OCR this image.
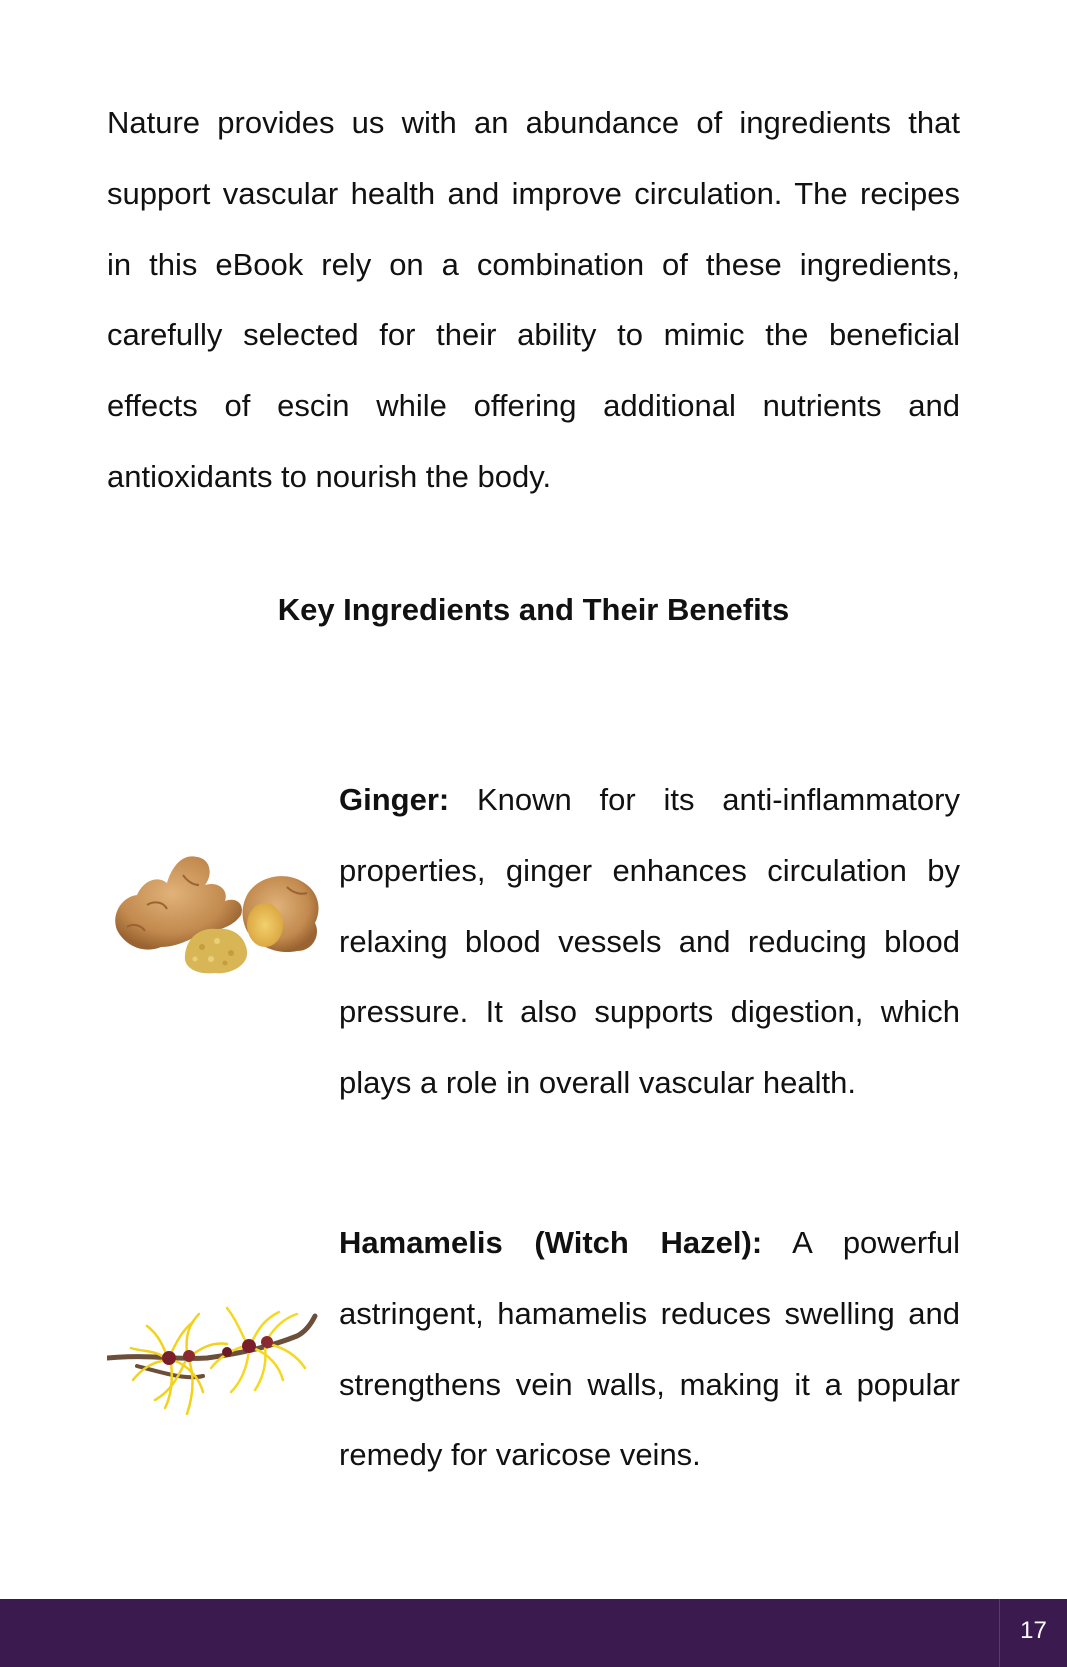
Nature provides us with an abundance of ingredients that support vascular health and improve circulation. The recipes in this eBook rely on a combination of these ingredients, carefully selected for their ability to mimic the beneficial effects of escin while offering additional nutrients and antioxidants to nourish the body.

Key Ingredients and Their Benefits

Ginger: Known for its anti-inflammatory properties, ginger enhances circulation by relaxing blood vessels and reducing blood pressure. It also supports digestion, which plays a role in overall vascular health.

Hamamelis (Witch Hazel): A powerful astringent, hamamelis reduces swelling and strengthens vein walls, making it a popular remedy for varicose veins.

17
